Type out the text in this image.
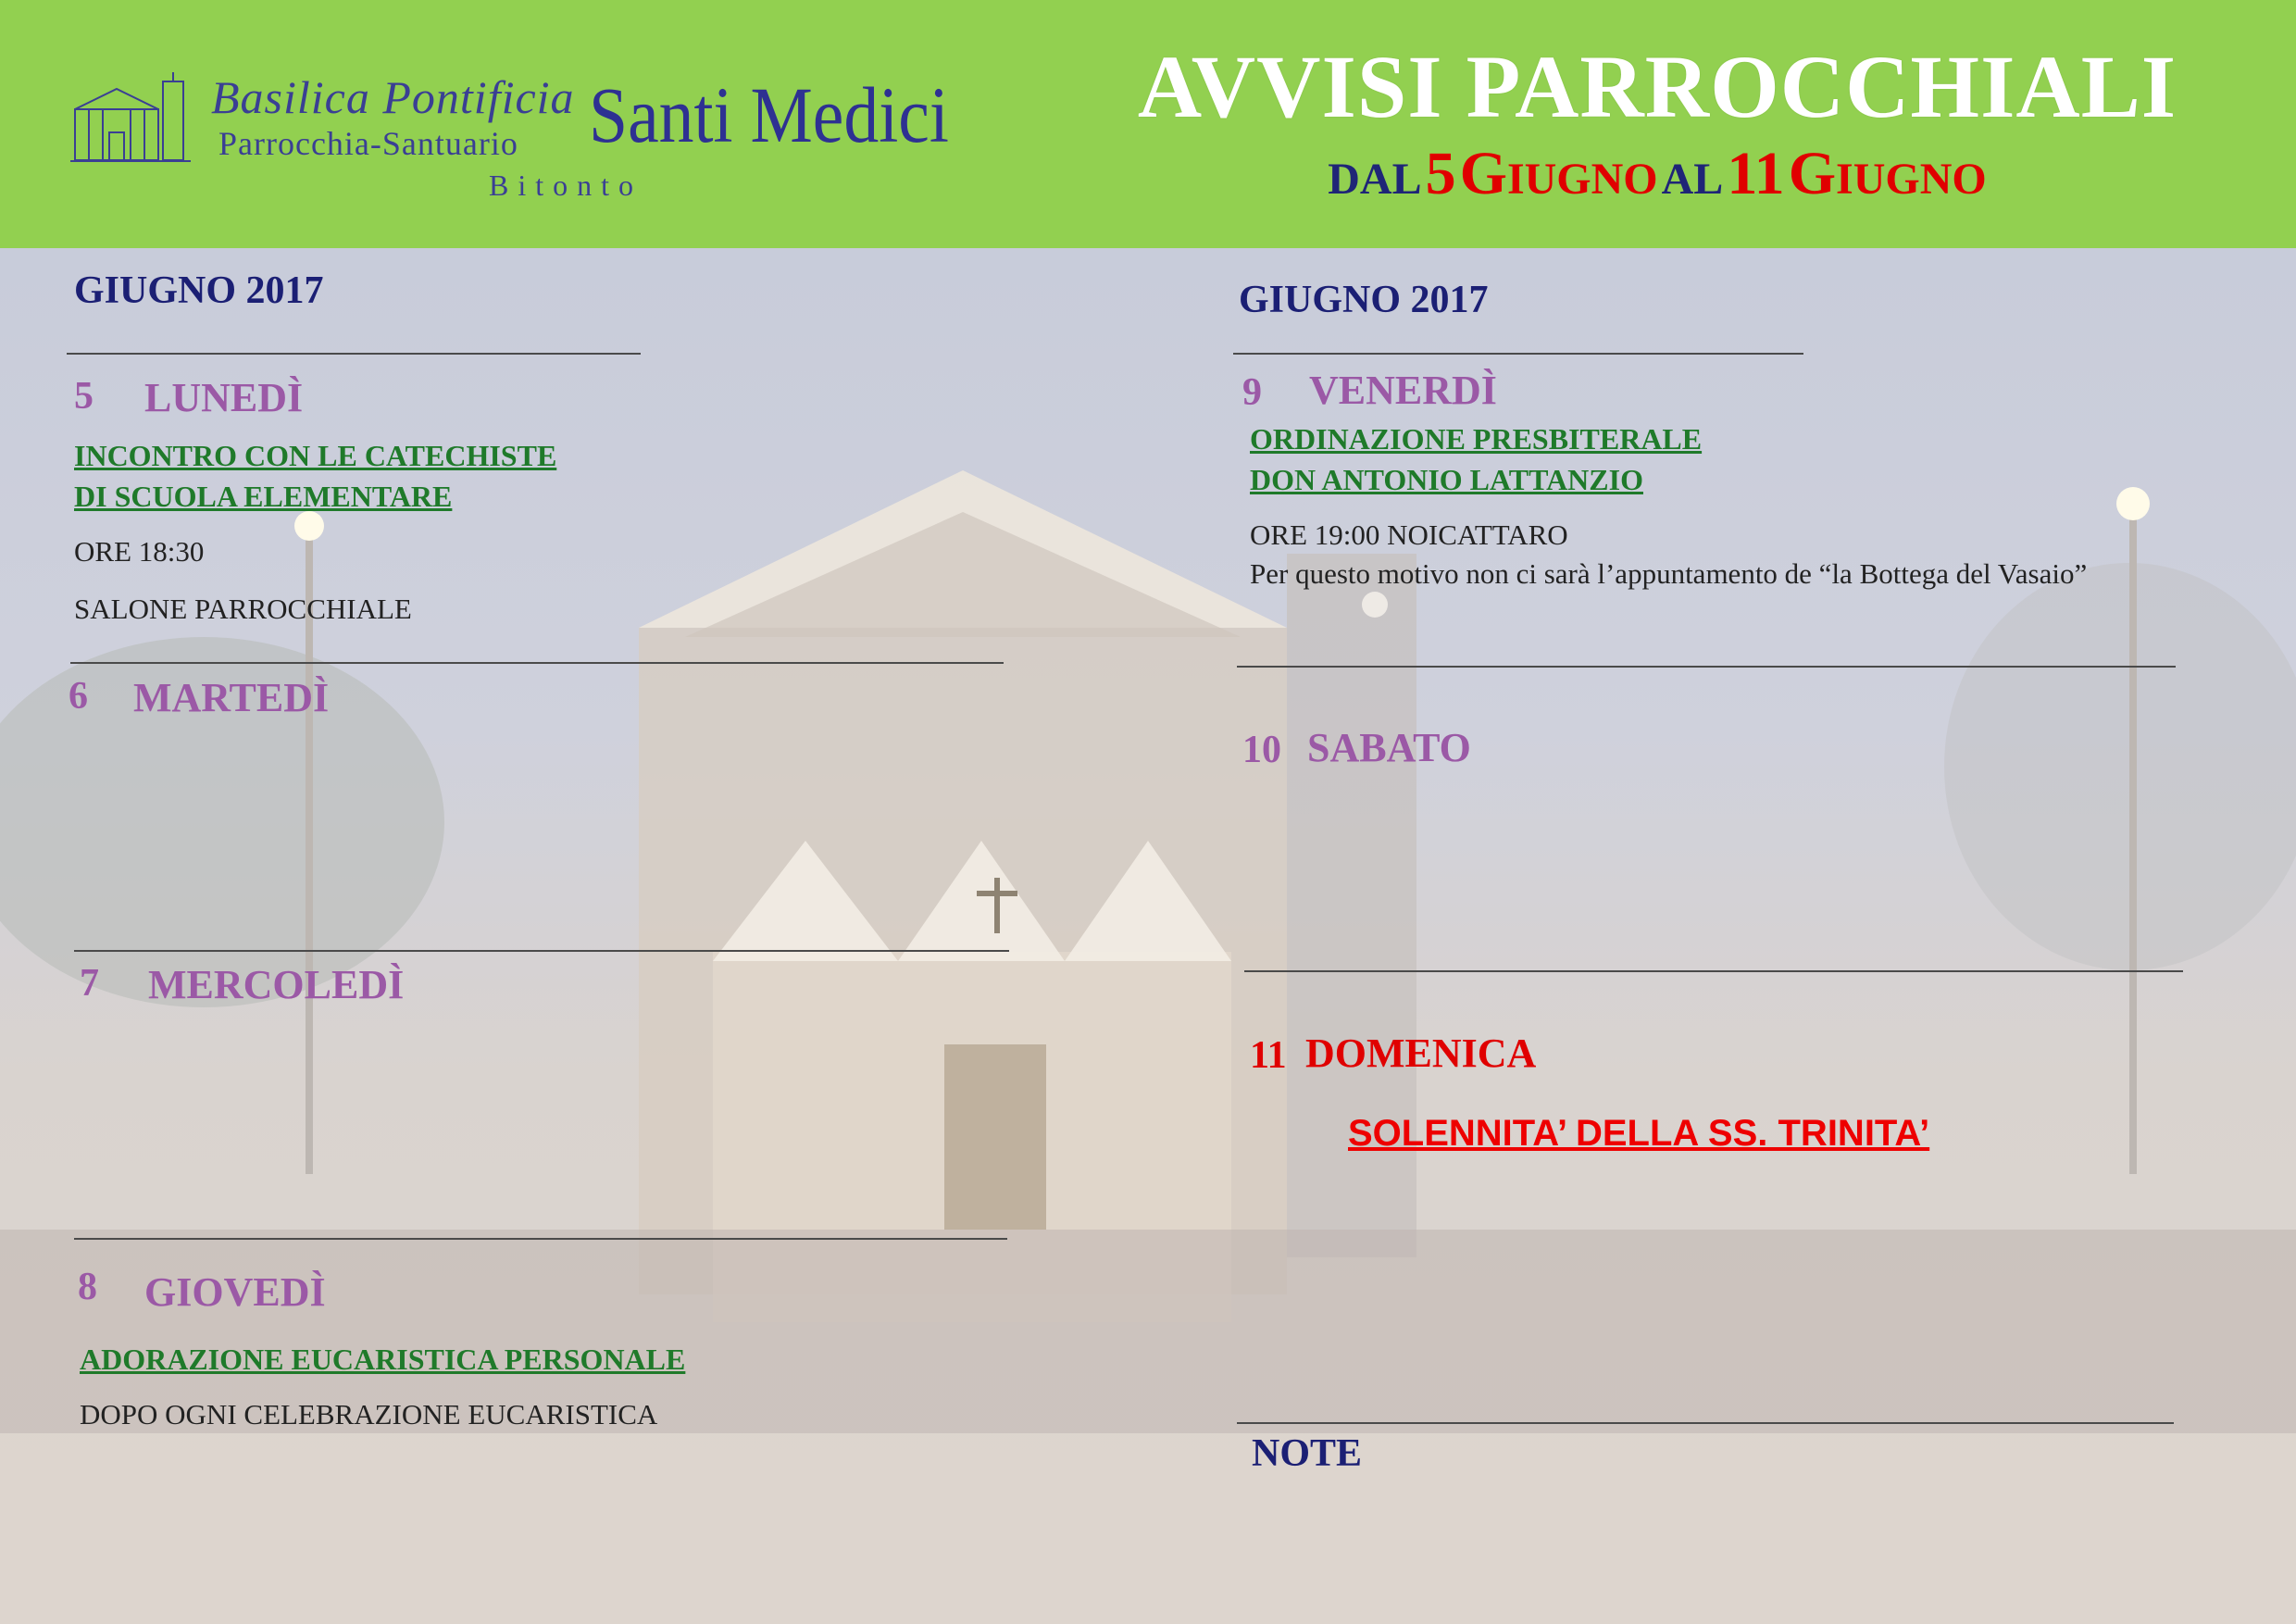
Basilica Pontificia
Parrocchia-Santuario
Bitonto
Santi Medici	AVVISI PARROCCHIALI
DAL 5 GIUGNO AL 11 GIUGNO
GIUGNO 2017
5 LUNEDÌ
INCONTRO CON LE CATECHISTE
DI SCUOLA ELEMENTARE
ORE 18:30
SALONE PARROCCHIALE
6 MARTEDÌ
7 MERCOLEDÌ
8 GIOVEDÌ
ADORAZIONE EUCARISTICA PERSONALE
DOPO OGNI CELEBRAZIONE EUCARISTICA
GIUGNO 2017
9 VENERDÌ
ORDINAZIONE PRESBITERALE
DON ANTONIO LATTANZIO
ORE 19:00 NOICATTARO
Per questo motivo non ci sarà l’appuntamento de “la Bottega del Vasaio”
10 SABATO
11 DOMENICA
SOLENNITA’ DELLA SS. TRINITA’
NOTE
